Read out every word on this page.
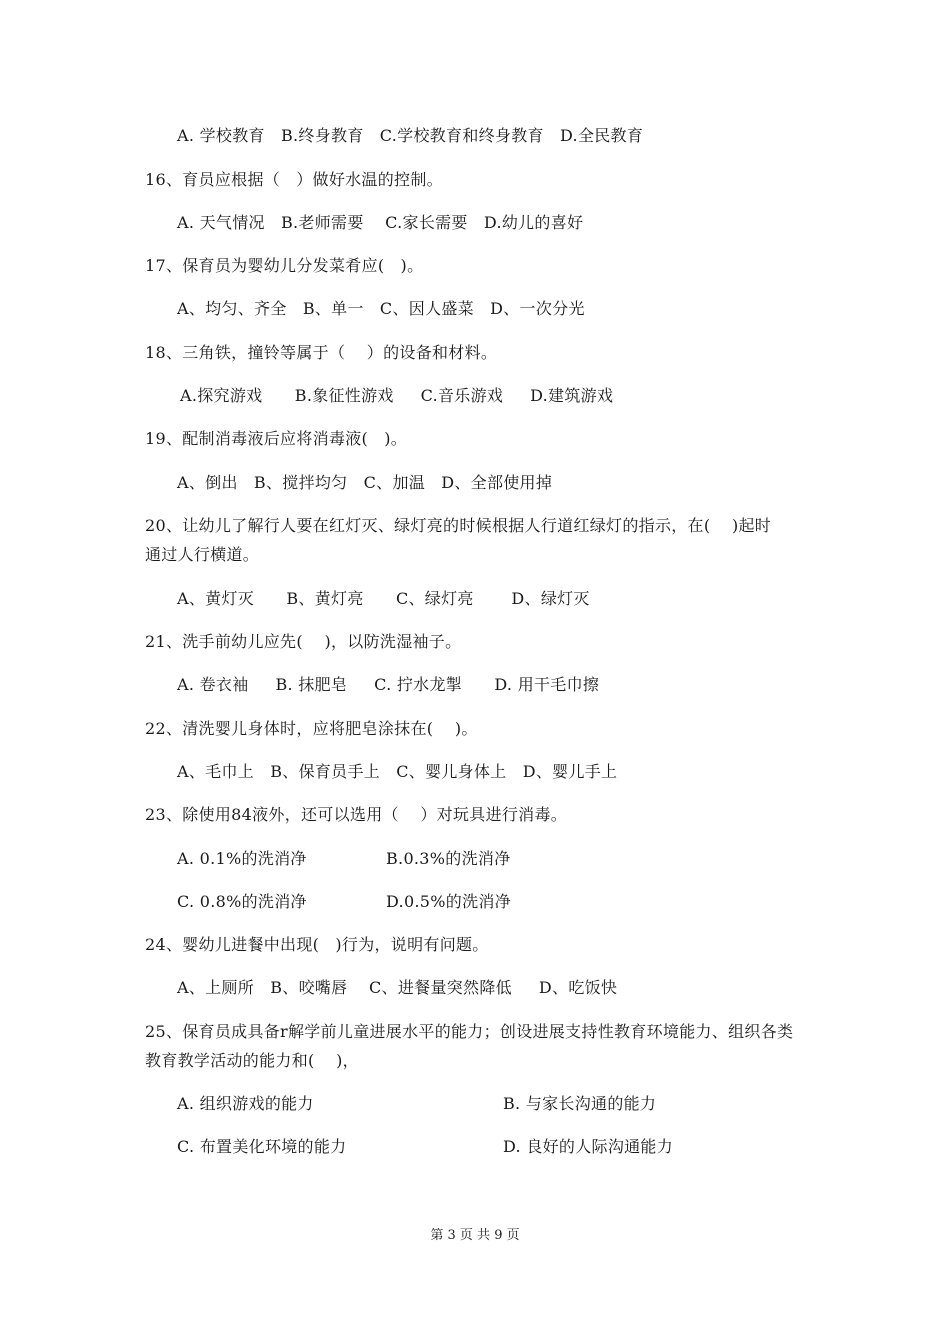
A. 学校教育   B.终身教育   C.学校教育和终身教育   D.全民教育
16、育员应根据（   ）做好水温的控制。
A. 天气情况   B.老师需要    C.家长需要   D.幼儿的喜好
17、保育员为婴幼儿分发菜肴应(   )。
A、均匀、齐全   B、单一   C、因人盛菜   D、一次分光
18、三角铁，撞铃等属于（    ）的设备和材料。
A.探究游戏      B.象征性游戏     C.音乐游戏     D.建筑游戏
19、配制消毒液后应将消毒液(   )。
A、倒出   B、搅拌均匀   C、加温   D、全部使用掉
20、让幼儿了解行人要在红灯灭、绿灯亮的时候根据人行道红绿灯的指示，在(    )起时
通过人行横道。
A、黄灯灭      B、黄灯亮      C、绿灯亮       D、绿灯灭
21、洗手前幼儿应先(    )，以防洗湿袖子。
A. 卷衣袖     B. 抹肥皂     C. 拧水龙掣      D. 用干毛巾擦
22、清洗婴儿身体时，应将肥皂涂抹在(    )。
A、毛巾上   B、保育员手上   C、婴儿身体上   D、婴儿手上
23、除使用84液外，还可以选用（    ）对玩具进行消毒。
A. 0.1%的洗消净	B.0.3%的洗消净
C. 0.8%的洗消净	D.0.5%的洗消净
24、婴幼儿进餐中出现(   )行为，说明有问题。
A、上厕所   B、咬嘴唇    C、进餐量突然降低     D、吃饭快
25、保育员成具备r解学前儿童进展水平的能力；创设进展支持性教育环境能力、组织各类
教育教学活动的能力和(    )，
A. 组织游戏的能力	B. 与家长沟通的能力
C. 布置美化环境的能力	D. 良好的人际沟通能力
第 3 页 共 9 页
